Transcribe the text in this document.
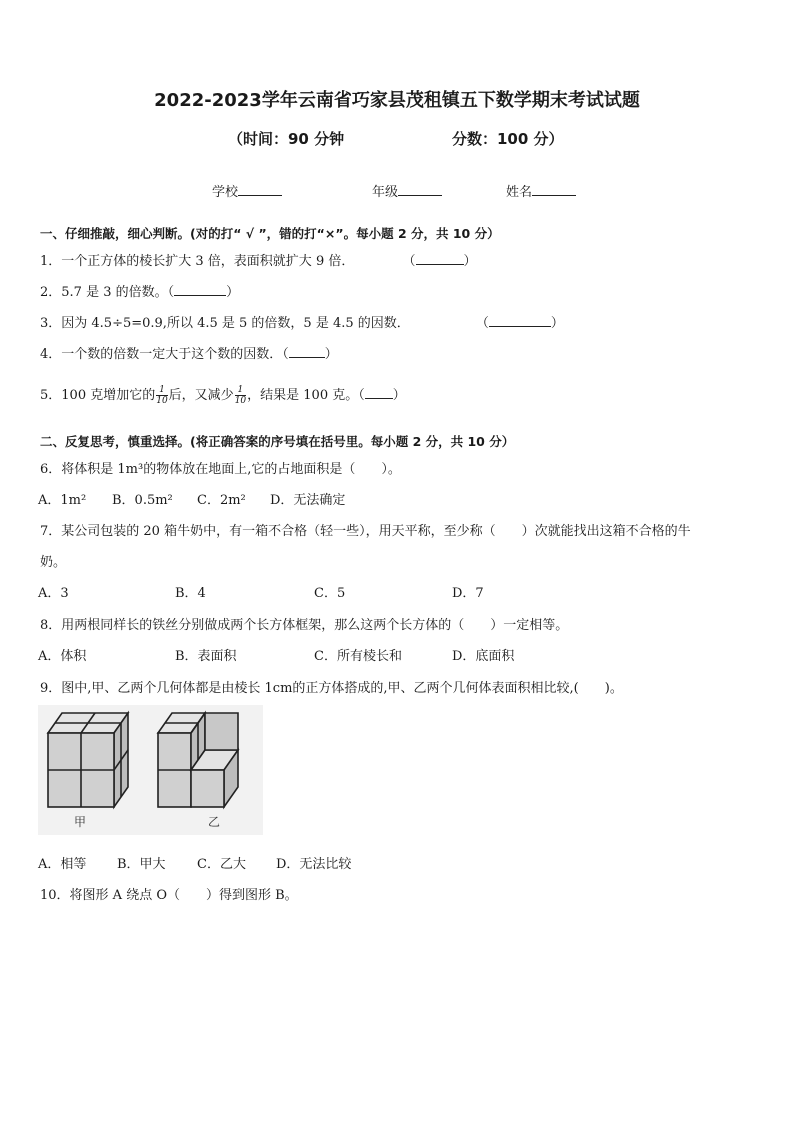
2022-2023学年云南省巧家县茂租镇五下数学期末考试试题
（时间：90 分钟	分数：100 分）
学校	年级	姓名
一、仔细推敲，细心判断。(对的打“ √ ”，错的打“×”。每小题 2 分，共 10 分）
1．一个正方体的棱长扩大 3 倍，表面积就扩大 9 倍．	（	）
2．5.7 是 3 的倍数。（	）
3．因为 4.5÷5=0.9,所以 4.5 是 5 的倍数，5 是 4.5 的因数．	（	）
4．一个数的倍数一定大于这个数的因数．（	）
5．100 克增加它的 $\frac{1}{10}$ 后，又减少 $\frac{1}{10}$ ，结果是 100 克。（ ）
二、反复思考，慎重选择。(将正确答案的序号填在括号里。每小题 2 分，共 10 分）
6．将体积是 1m³的物体放在地面上,它的占地面积是（　　）。
A．1m² B．0.5m² C．2m² D．无法确定
7．某公司包装的 20 箱牛奶中，有一箱不合格（轻一些），用天平称，至少称（　　）次就能找出这箱不合格的牛
奶。
A．3	B．4	C．5	D．7
8．用两根同样长的铁丝分别做成两个长方体框架，那么这两个长方体的（　　）一定相等。
A．体积	B．表面积	C．所有棱长和	D．底面积
9．图中,甲、乙两个几何体都是由棱长 1cm的正方体搭成的,甲、乙两个几何体表面积相比较,(　　)。
甲	乙
A．相等 B．甲大 C．乙大 D．无法比较
10．将图形 A 绕点 O（　　）得到图形 B。
